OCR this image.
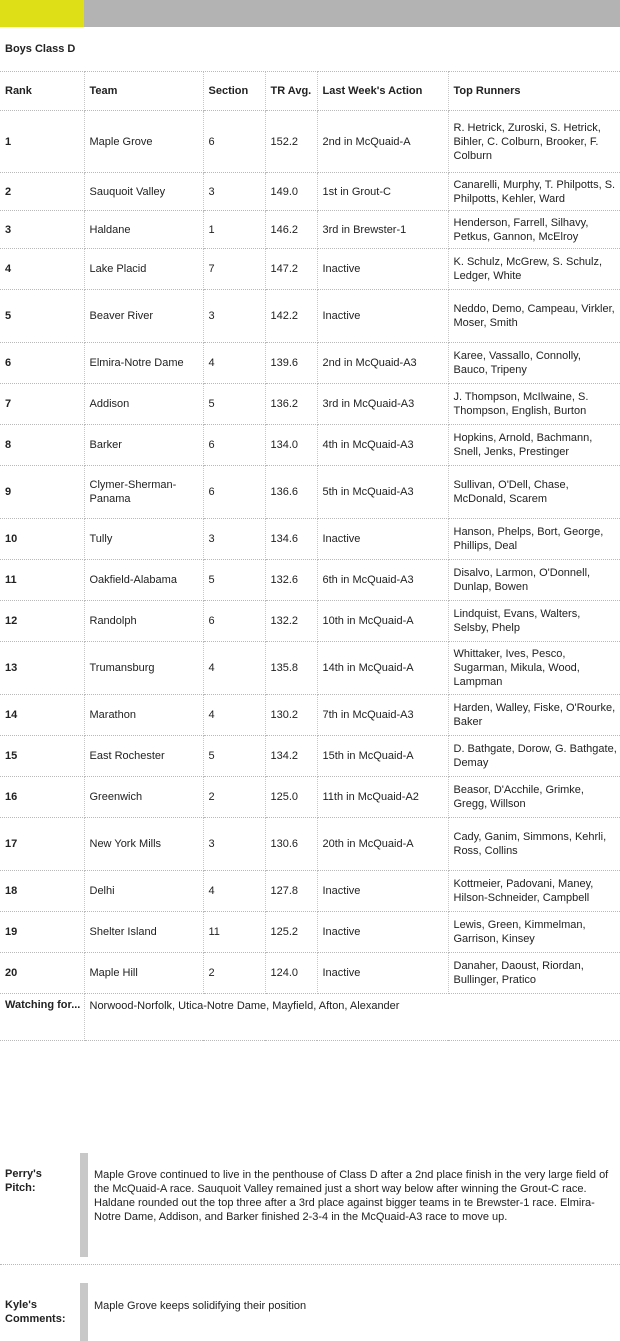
Boys Class D					
Rank	Team	Section	TR Avg.	Last Week's Action	Top Runners
1	Maple Grove	6	152.2	2nd in McQuaid-A	R. Hetrick, Zuroski, S. Hetrick, Bihler, C. Colburn, Brooker, F. Colburn
2	Sauquoit Valley	3	149.0	1st in Grout-C	Canarelli, Murphy, T. Philpotts, S. Philpotts, Kehler, Ward
3	Haldane	1	146.2	3rd in Brewster-1	Henderson, Farrell, Silhavy, Petkus, Gannon, McElroy
4	Lake Placid	7	147.2	Inactive	K. Schulz, McGrew, S. Schulz, Ledger, White
5	Beaver River	3	142.2	Inactive	Neddo, Demo, Campeau, Virkler, Moser, Smith
6	Elmira-Notre Dame	4	139.6	2nd in McQuaid-A3	Karee, Vassallo, Connolly, Bauco, Tripeny
7	Addison	5	136.2	3rd in McQuaid-A3	J. Thompson, McIlwaine, S. Thompson, English, Burton
8	Barker	6	134.0	4th in McQuaid-A3	Hopkins, Arnold, Bachmann, Snell, Jenks, Prestinger
9	Clymer-Sherman-Panama	6	136.6	5th in McQuaid-A3	Sullivan, O'Dell, Chase, McDonald, Scarem
10	Tully	3	134.6	Inactive	Hanson, Phelps, Bort, George, Phillips, Deal
11	Oakfield-Alabama	5	132.6	6th in McQuaid-A3	Disalvo, Larmon, O'Donnell, Dunlap, Bowen
12	Randolph	6	132.2	10th in McQuaid-A	Lindquist, Evans, Walters, Selsby, Phelp
13	Trumansburg	4	135.8	14th in McQuaid-A	Whittaker, Ives, Pesco, Sugarman, Mikula, Wood, Lampman
14	Marathon	4	130.2	7th in McQuaid-A3	Harden, Walley, Fiske, O'Rourke, Baker
15	East Rochester	5	134.2	15th in McQuaid-A	D. Bathgate, Dorow, G. Bathgate, Demay
16	Greenwich	2	125.0	11th in McQuaid-A2	Beasor, D'Acchile, Grimke, Gregg, Willson
17	New York Mills	3	130.6	20th in McQuaid-A	Cady, Ganim, Simmons, Kehrli, Ross, Collins
18	Delhi	4	127.8	Inactive	Kottmeier, Padovani, Maney, Hilson-Schneider, Campbell
19	Shelter Island	11	125.2	Inactive	Lewis, Green, Kimmelman, Garrison, Kinsey
20	Maple Hill	2	124.0	Inactive	Danaher, Daoust, Riordan, Bullinger, Pratico
Watching for...	Norwood-Norfolk, Utica-Notre Dame, Mayfield, Afton, Alexander				
Perry's Pitch:
Maple Grove continued to live in the penthouse of Class D after a 2nd place finish in the very large field of the McQuaid-A race. Sauquoit Valley remained just a short way below after winning the Grout-C race. Haldane rounded out the top three after a 3rd place against bigger teams in te Brewster-1 race. Elmira-Notre Dame, Addison, and Barker finished 2-3-4 in the McQuaid-A3 race to move up.
Kyle's Comments:
Maple Grove keeps solidifying their position
